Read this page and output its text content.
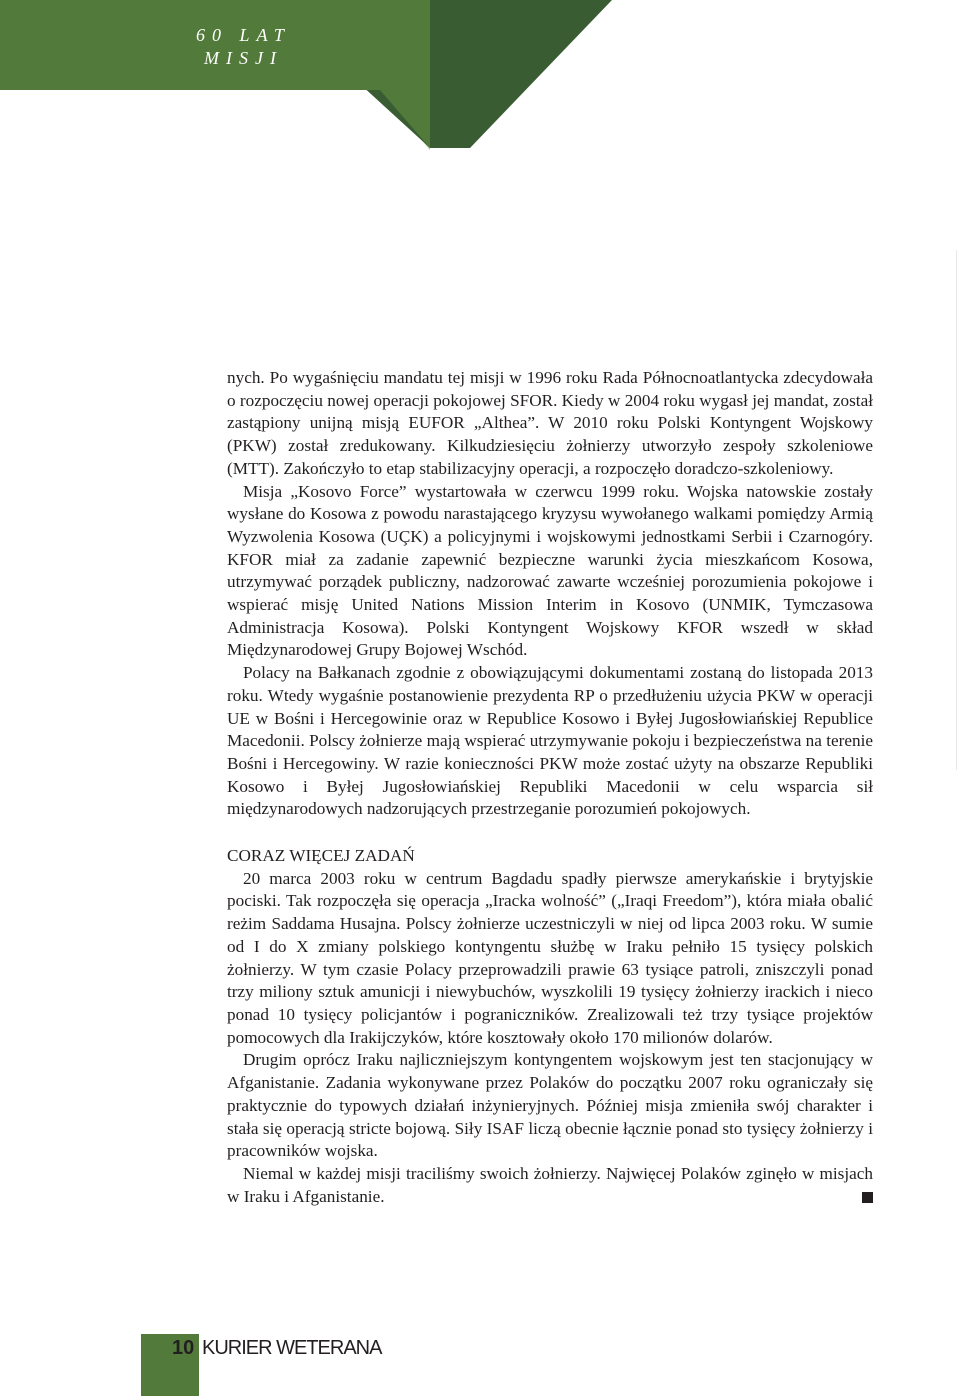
60 LAT
MISJI

nych. Po wygaśnięciu mandatu tej misji w 1996 roku Rada Północnoatlantycka zdecydowała o rozpoczęciu nowej operacji pokojowej SFOR. Kiedy w 2004 roku wygasł jej mandat, został zastąpiony unijną misją EUFOR „Althea”. W 2010 roku Polski Kontyngent Wojskowy (PKW) został zredukowany. Kilkudziesięciu żołnierzy utworzyło zespoły szkoleniowe (MTT). Zakończyło to etap stabilizacyjny operacji, a rozpoczęło doradczo-szkoleniowy.

Misja „Kosovo Force” wystartowała w czerwcu 1999 roku. Wojska natowskie zostały wysłane do Kosowa z powodu narastającego kryzysu wywołanego walkami pomiędzy Armią Wyzwolenia Kosowa (UÇK) a policyjnymi i wojskowymi jednostkami Serbii i Czarnogóry. KFOR miał za zadanie zapewnić bezpieczne warunki życia mieszkańcom Kosowa, utrzymywać porządek publiczny, nadzorować zawarte wcześniej porozumienia pokojowe i wspierać misję United Nations Mission Interim in Kosovo (UNMIK, Tymczasowa Administracja Kosowa). Polski Kontyngent Wojskowy KFOR wszedł w skład Międzynarodowej Grupy Bojowej Wschód.

Polacy na Bałkanach zgodnie z obowiązującymi dokumentami zostaną do listopada 2013 roku. Wtedy wygaśnie postanowienie prezydenta RP o przedłużeniu użycia PKW w operacji UE w Bośni i Hercegowinie oraz w Republice Kosowo i Byłej Jugosłowiańskiej Republice Macedonii. Polscy żołnierze mają wspierać utrzymywanie pokoju i bezpieczeństwa na terenie Bośni i Hercegowiny. W razie konieczności PKW może zostać użyty na obszarze Republiki Kosowo i Byłej Jugosłowiańskiej Republiki Macedonii w celu wsparcia sił międzynarodowych nadzorujących przestrzeganie porozumień pokojowych.

CORAZ WIĘCEJ ZADAŃ

20 marca 2003 roku w centrum Bagdadu spadły pierwsze amerykańskie i brytyjskie pociski. Tak rozpoczęła się operacja „Iracka wolność” („Iraqi Freedom”), która miała obalić reżim Saddama Husajna. Polscy żołnierze uczestniczyli w niej od lipca 2003 roku. W sumie od I do X zmiany polskiego kontyngentu służbę w Iraku pełniło 15 tysięcy polskich żołnierzy. W tym czasie Polacy przeprowadzili prawie 63 tysiące patroli, zniszczyli ponad trzy miliony sztuk amunicji i niewybuchów, wyszkolili 19 tysięcy żołnierzy irackich i nieco ponad 10 tysięcy policjantów i pograniczników. Zrealizowali też trzy tysiące projektów pomocowych dla Irakijczyków, które kosztowały około 170 milionów dolarów.

Drugim oprócz Iraku najliczniejszym kontyngentem wojskowym jest ten stacjonujący w Afganistanie. Zadania wykonywane przez Polaków do początku 2007 roku ograniczały się praktycznie do typowych działań inżynieryjnych. Później misja zmieniła swój charakter i stała się operacją stricte bojową. Siły ISAF liczą obecnie łącznie ponad sto tysięcy żołnierzy i pracowników wojska.

Niemal w każdej misji traciliśmy swoich żołnierzy. Najwięcej Polaków zginęło w misjach w Iraku i Afganistanie.

10 KURIER WETERANA
